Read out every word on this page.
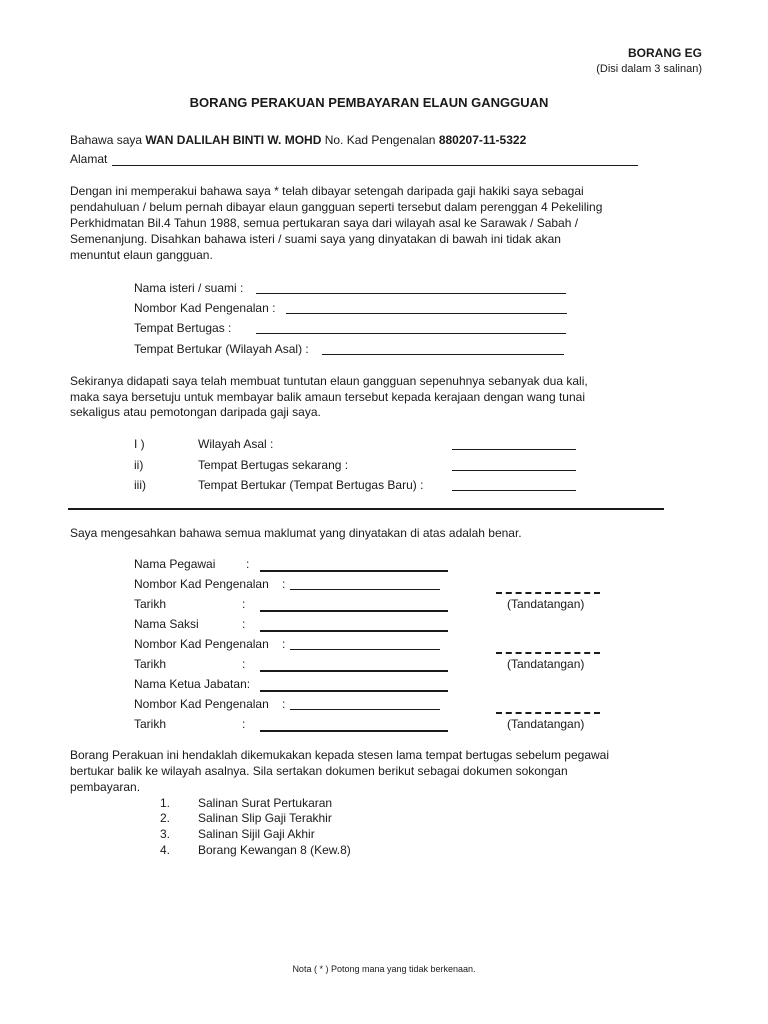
BORANG EG
(Disi dalam 3 salinan)
BORANG PERAKUAN PEMBAYARAN ELAUN GANGGUAN
Bahawa saya WAN DALILAH BINTI W. MOHD No. Kad Pengenalan 880207-11-5322
Alamat
Dengan ini memperakui bahawa saya * telah dibayar setengah daripada gaji hakiki saya sebagai
pendahuluan / belum pernah dibayar elaun gangguan seperti tersebut dalam perenggan 4 Pekeliling
Perkhidmatan Bil.4 Tahun 1988, semua pertukaran saya dari wilayah asal ke Sarawak / Sabah /
Semenanjung. Disahkan bahawa isteri / suami saya yang dinyatakan di bawah ini tidak akan
menuntut elaun gangguan.
Nama isteri / suami :
Nombor Kad Pengenalan :
Tempat Bertugas :
Tempat Bertukar (Wilayah Asal) :
Sekiranya didapati saya telah membuat tuntutan elaun gangguan sepenuhnya sebanyak dua kali,
maka saya bersetuju untuk membayar balik amaun tersebut kepada kerajaan dengan wang tunai
sekaligus atau pemotongan daripada gaji saya.
I )	Wilayah Asal :
ii)	Tempat Bertugas sekarang :
iii)	Tempat Bertukar (Tempat Bertugas Baru) :
Saya mengesahkan bahawa semua maklumat yang dinyatakan di atas adalah benar.
Nama Pegawai	:
Nombor Kad Pengenalan :
Tarikh	:	(Tandatangan)
Nama Saksi	:
Nombor Kad Pengenalan :
Tarikh	:	(Tandatangan)
Nama Ketua Jabatan:
Nombor Kad Pengenalan :
Tarikh	:	(Tandatangan)
Borang Perakuan ini hendaklah dikemukakan kepada stesen lama tempat bertugas sebelum pegawai
bertukar balik ke wilayah asalnya. Sila sertakan dokumen berikut sebagai dokumen sokongan
pembayaran.
1. Salinan Surat Pertukaran
2. Salinan Slip Gaji Terakhir
3. Salinan Sijil Gaji Akhir
4. Borang Kewangan 8 (Kew.8)
Nota ( * ) Potong mana yang tidak berkenaan.
